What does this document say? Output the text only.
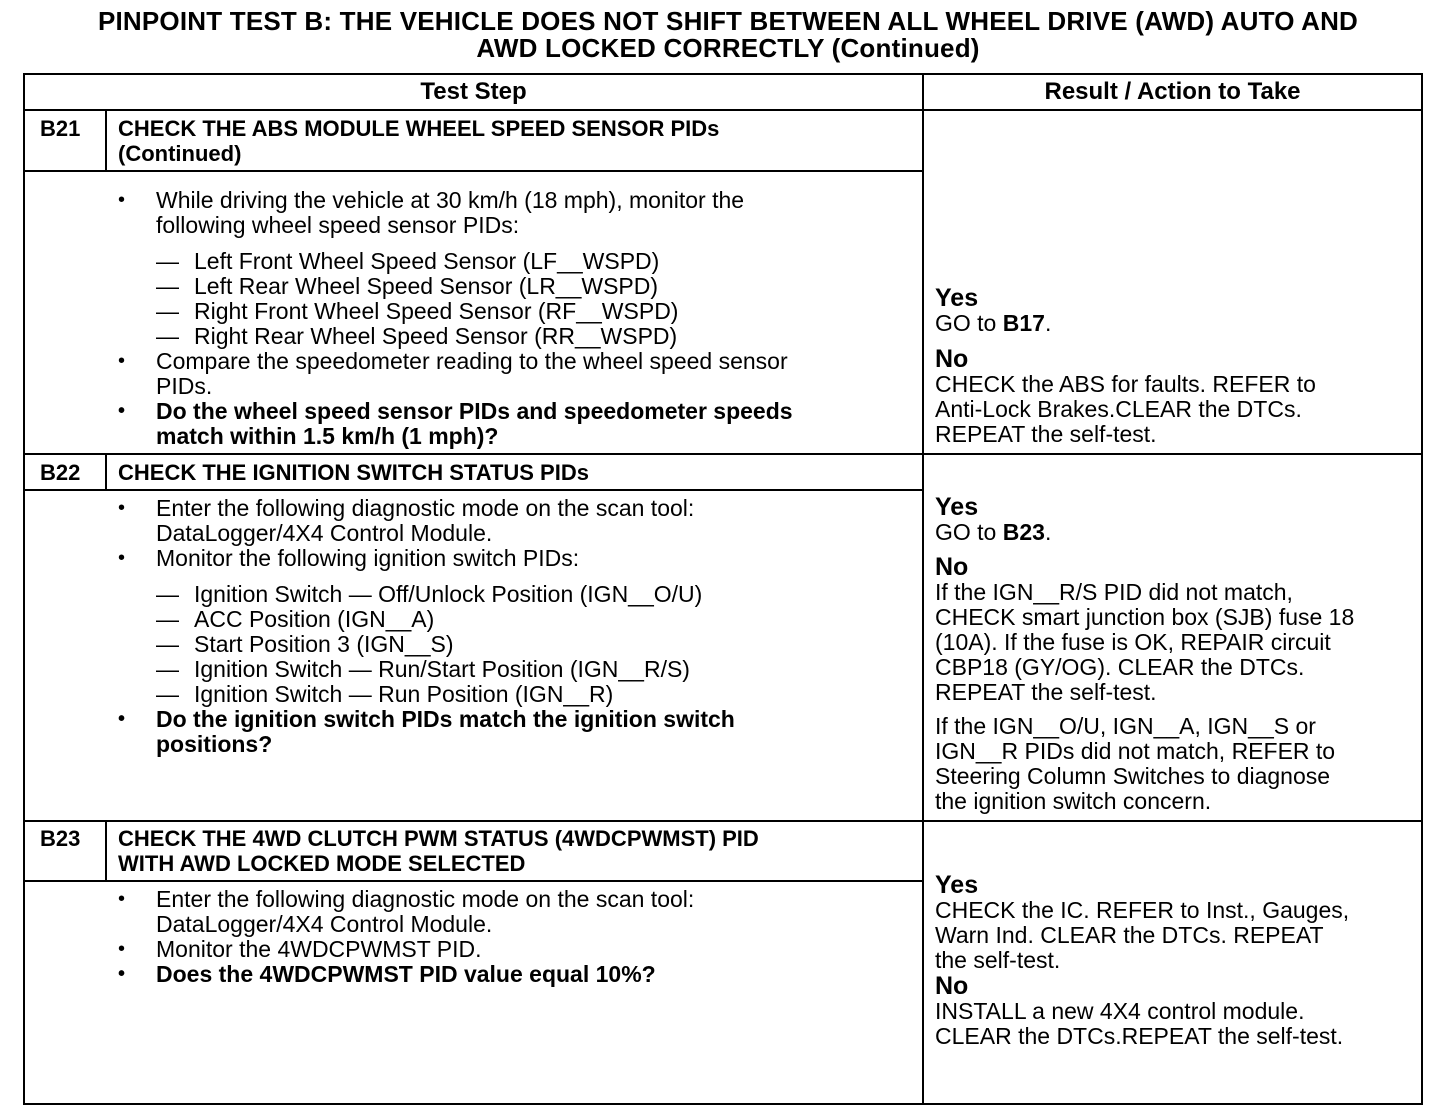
PINPOINT TEST B: THE VEHICLE DOES NOT SHIFT BETWEEN ALL WHEEL DRIVE (AWD) AUTO AND
AWD LOCKED CORRECTLY (Continued)
Test Step	Result / Action to Take
B21 CHECK THE ABS MODULE WHEEL SPEED SENSOR PIDs
(Continued)
• While driving the vehicle at 30 km/h (18 mph), monitor the
following wheel speed sensor PIDs:
— Left Front Wheel Speed Sensor (LF__WSPD)
— Left Rear Wheel Speed Sensor (LR__WSPD)
— Right Front Wheel Speed Sensor (RF__WSPD)
— Right Rear Wheel Speed Sensor (RR__WSPD)
• Compare the speedometer reading to the wheel speed sensor
PIDs.
• Do the wheel speed sensor PIDs and speedometer speeds
match within 1.5 km/h (1 mph)?
Yes
GO to B17.
No
CHECK the ABS for faults. REFER to
Anti-Lock Brakes.CLEAR the DTCs.
REPEAT the self-test.
B22 CHECK THE IGNITION SWITCH STATUS PIDs
• Enter the following diagnostic mode on the scan tool:
DataLogger/4X4 Control Module.
• Monitor the following ignition switch PIDs:
— Ignition Switch — Off/Unlock Position (IGN__O/U)
— ACC Position (IGN__A)
— Start Position 3 (IGN__S)
— Ignition Switch — Run/Start Position (IGN__R/S)
— Ignition Switch — Run Position (IGN__R)
• Do the ignition switch PIDs match the ignition switch
positions?
Yes
GO to B23.
No
If the IGN__R/S PID did not match,
CHECK smart junction box (SJB) fuse 18
(10A). If the fuse is OK, REPAIR circuit
CBP18 (GY/OG). CLEAR the DTCs.
REPEAT the self-test.
If the IGN__O/U, IGN__A, IGN__S or
IGN__R PIDs did not match, REFER to
Steering Column Switches to diagnose
the ignition switch concern.
B23 CHECK THE 4WD CLUTCH PWM STATUS (4WDCPWMST) PID
WITH AWD LOCKED MODE SELECTED
• Enter the following diagnostic mode on the scan tool:
DataLogger/4X4 Control Module.
• Monitor the 4WDCPWMST PID.
• Does the 4WDCPWMST PID value equal 10%?
Yes
CHECK the IC. REFER to Inst., Gauges,
Warn Ind. CLEAR the DTCs. REPEAT
the self-test.
No
INSTALL a new 4X4 control module.
CLEAR the DTCs.REPEAT the self-test.
